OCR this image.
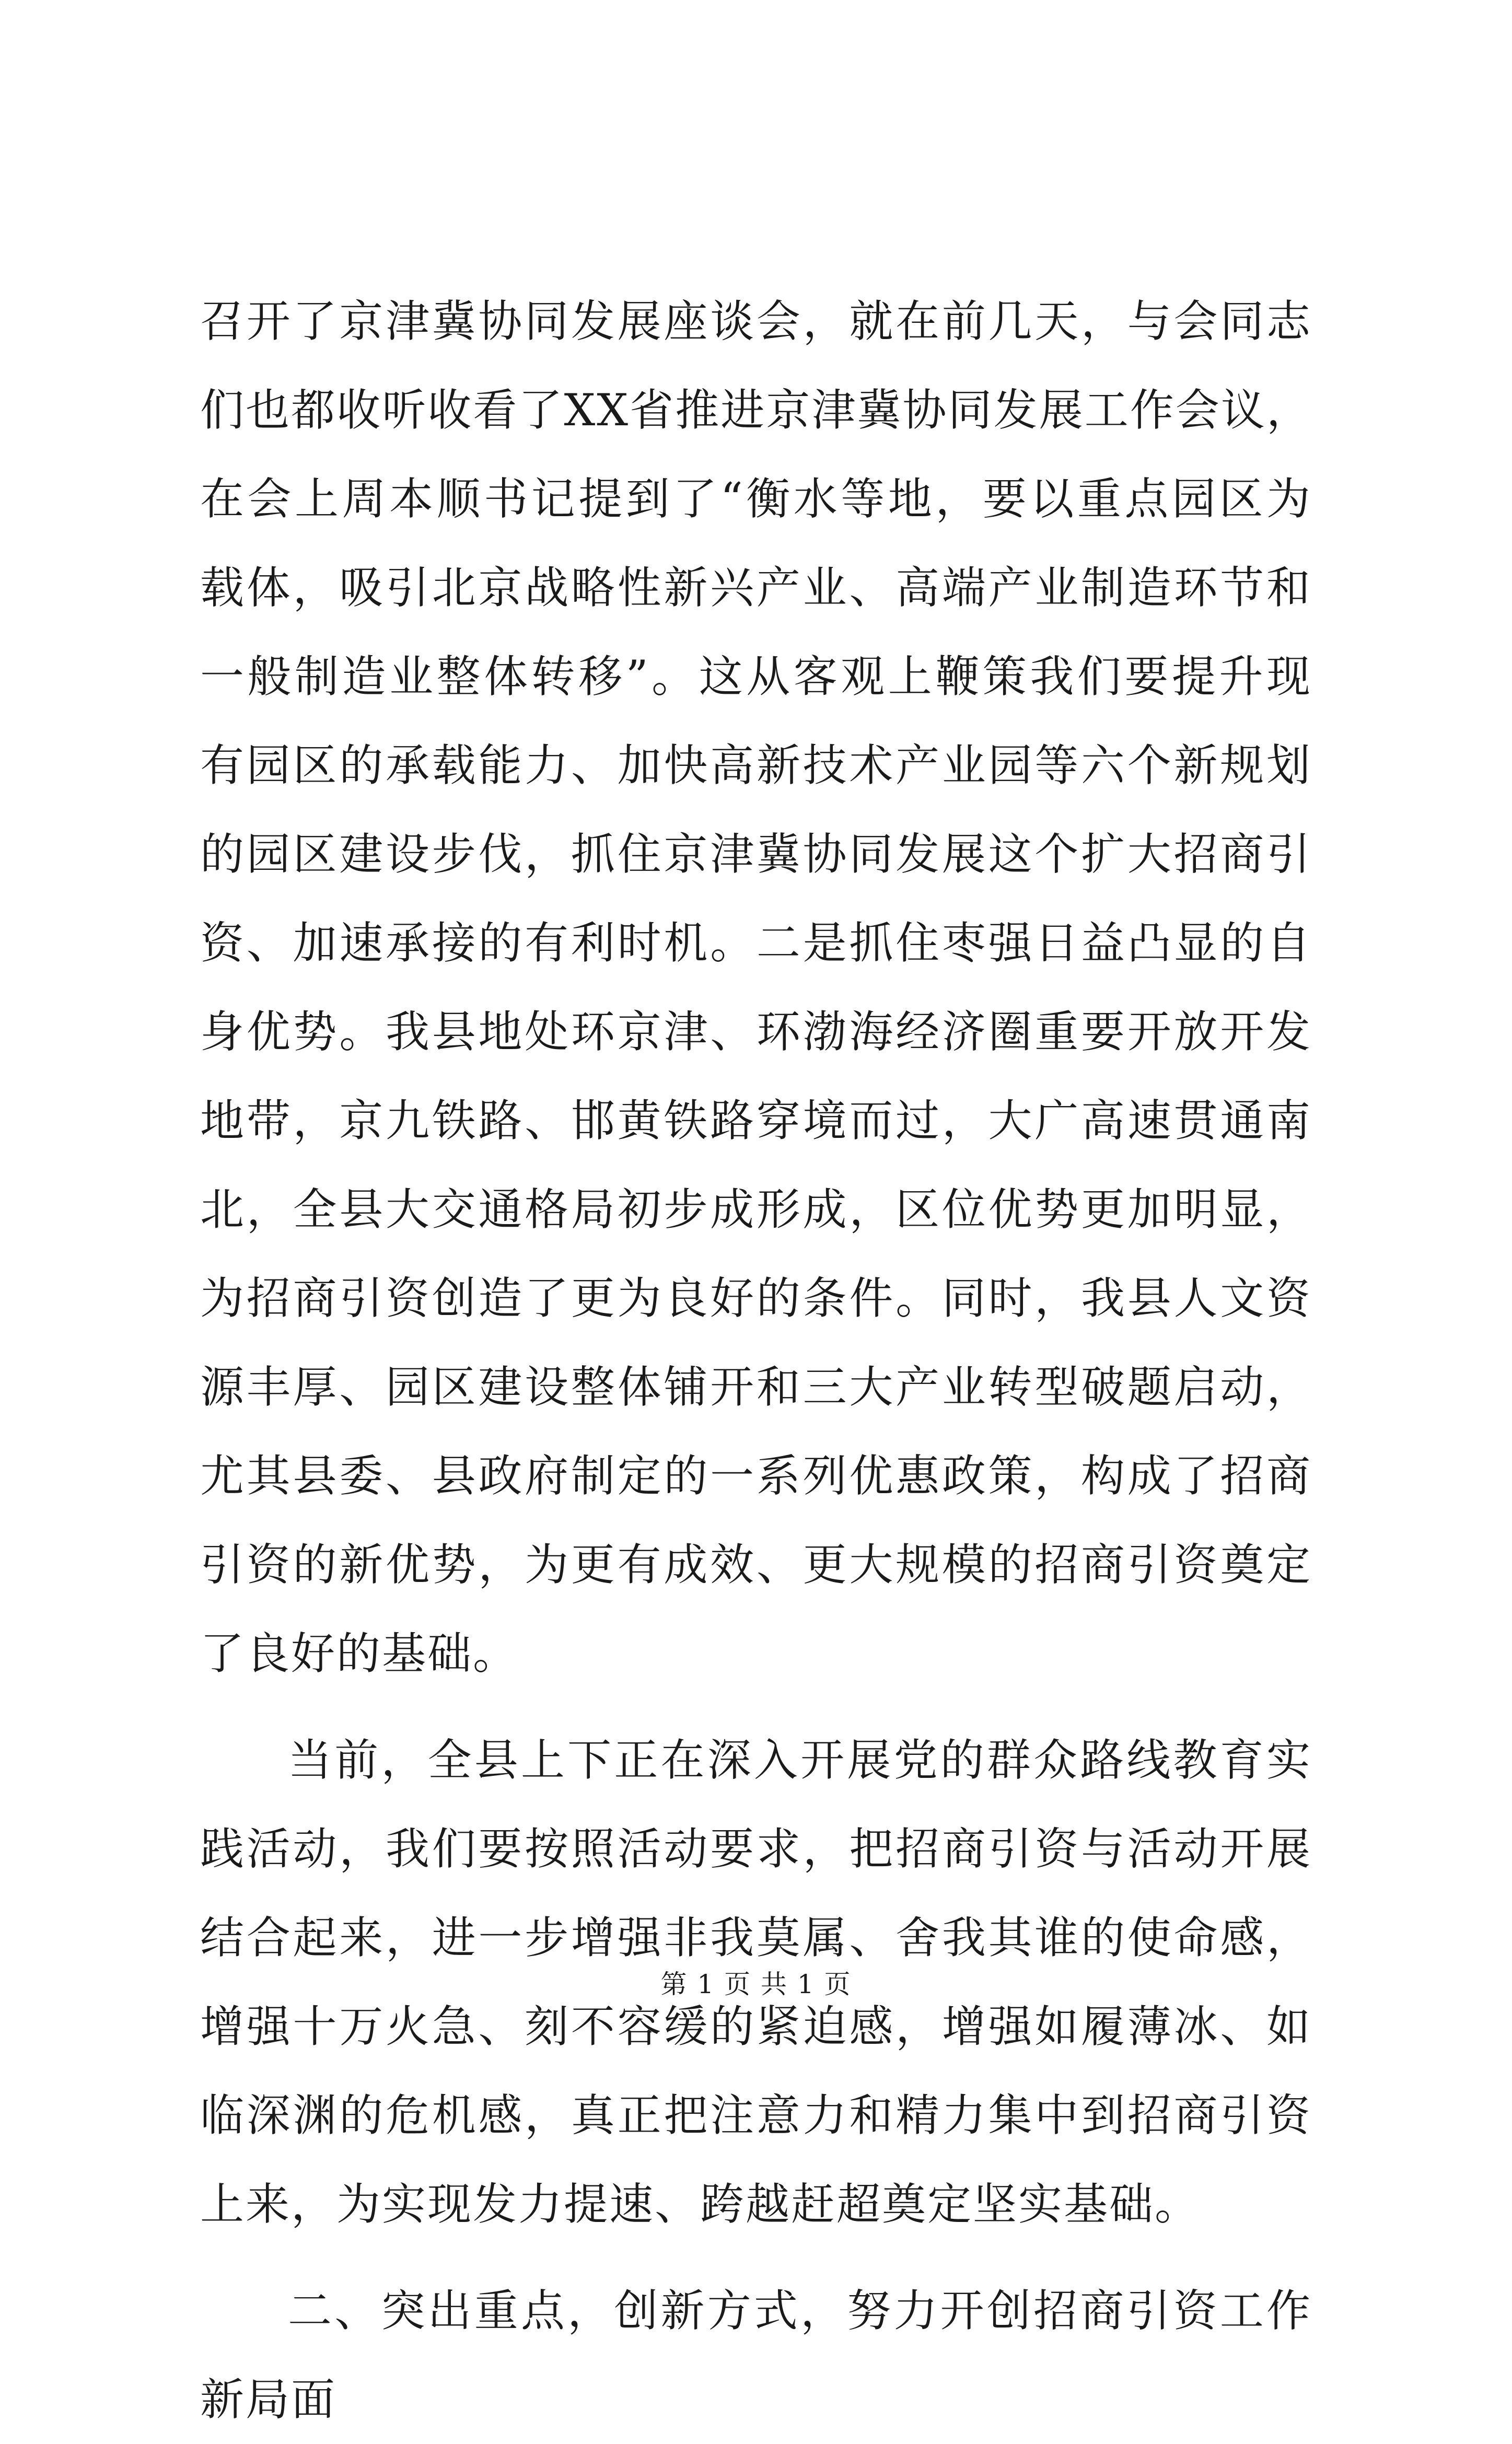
召开了京津冀协同发展座谈会，就在前几天，与会同志们也都收听收看了XX省推进京津冀协同发展工作会议，在会上周本顺书记提到了“衡水等地，要以重点园区为载体，吸引北京战略性新兴产业、高端产业制造环节和一般制造业整体转移”。这从客观上鞭策我们要提升现有园区的承载能力、加快高新技术产业园等六个新规划的园区建设步伐，抓住京津冀协同发展这个扩大招商引资、加速承接的有利时机。二是抓住枣强日益凸显的自身优势。我县地处环京津、环渤海经济圈重要开放开发地带，京九铁路、邯黄铁路穿境而过，大广高速贯通南北，全县大交通格局初步成形成，区位优势更加明显，为招商引资创造了更为良好的条件。同时，我县人文资源丰厚、园区建设整体铺开和三大产业转型破题启动，尤其县委、县政府制定的一系列优惠政策，构成了招商引资的新优势，为更有成效、更大规模的招商引资奠定了良好的基础。

当前，全县上下正在深入开展党的群众路线教育实践活动，我们要按照活动要求，把招商引资与活动开展结合起来，进一步增强非我莫属、舍我其谁的使命感，增强十万火急、刻不容缓的紧迫感，增强如履薄冰、如临深渊的危机感，真正把注意力和精力集中到招商引资上来，为实现发力提速、跨越赶超奠定坚实基础。

二、突出重点，创新方式，努力开创招商引资工作新局面

第 1 页 共 1 页
